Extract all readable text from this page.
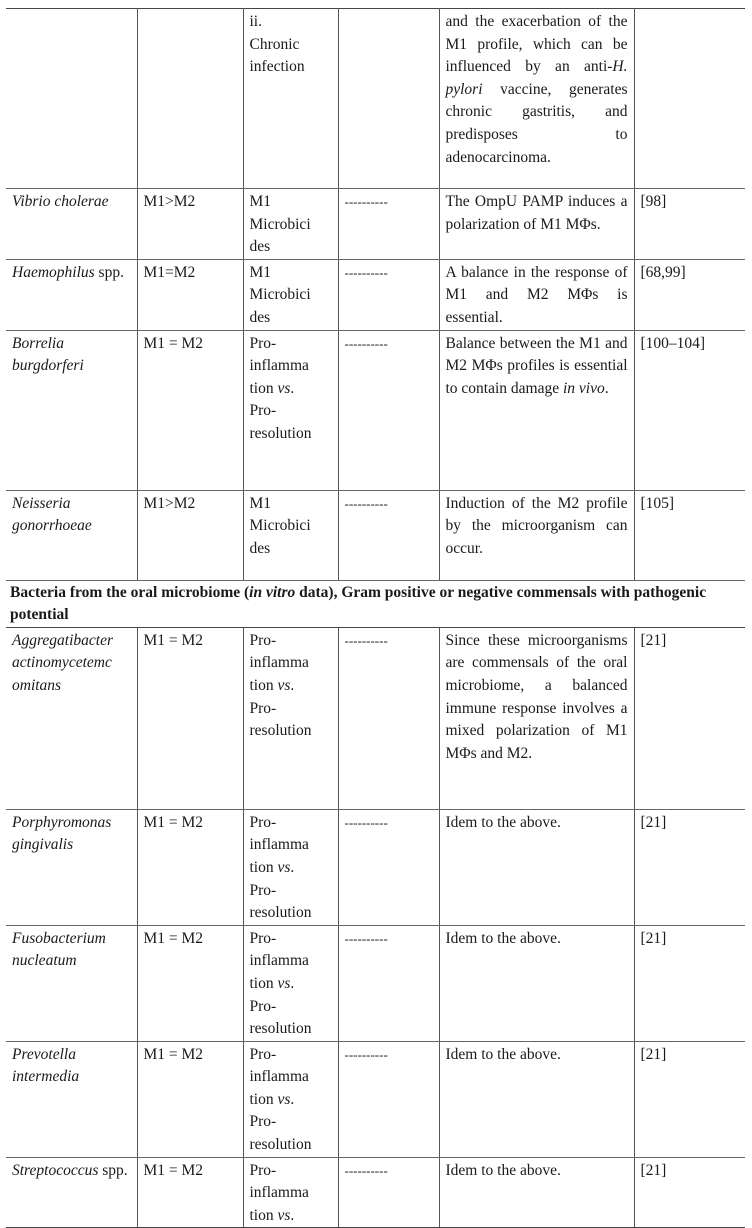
		ii.
Chronic
infection		and the exacerbation of the M1 profile, which can be influenced by an anti-H. pylori vaccine, generates chronic gastritis, and predisposes to adenocarcinoma.	
Vibrio cholerae	M1>M2	M1
Microbici
des	----------	The OmpU PAMP induces a polarization of M1 MΦs.	[98]
Haemophilus spp.	M1=M2	M1
Microbici
des	----------	A balance in the response of M1 and M2 MΦs is essential.	[68,99]
Borrelia burgdorferi	M1 = M2	Pro-
inflamma
tion vs.
Pro-
resolution	----------	Balance between the M1 and M2 MΦs profiles is essential to contain damage in vivo.	[100–104]
Neisseria gonorrhoeae	M1>M2	M1
Microbici
des	----------	Induction of the M2 profile by the microorganism can occur.	[105]
Bacteria from the oral microbiome (in vitro data), Gram positive or negative commensals with pathogenic potential					
Aggregatibacter actinomycetemc omitans	M1 = M2	Pro-
inflamma
tion vs.
Pro-
resolution	----------	Since these microorganisms are commensals of the oral microbiome, a balanced immune response involves a mixed polarization of M1 MΦs and M2.	[21]
Porphyromonas gingivalis	M1 = M2	Pro-
inflamma
tion vs.
Pro-
resolution	----------	Idem to the above.	[21]
Fusobacterium nucleatum	M1 = M2	Pro-
inflamma
tion vs.
Pro-
resolution	----------	Idem to the above.	[21]
Prevotella intermedia	M1 = M2	Pro-
inflamma
tion vs.
Pro-
resolution	----------	Idem to the above.	[21]
Streptococcus spp.	M1 = M2	Pro-
inflamma
tion vs.	----------	Idem to the above.	[21]
